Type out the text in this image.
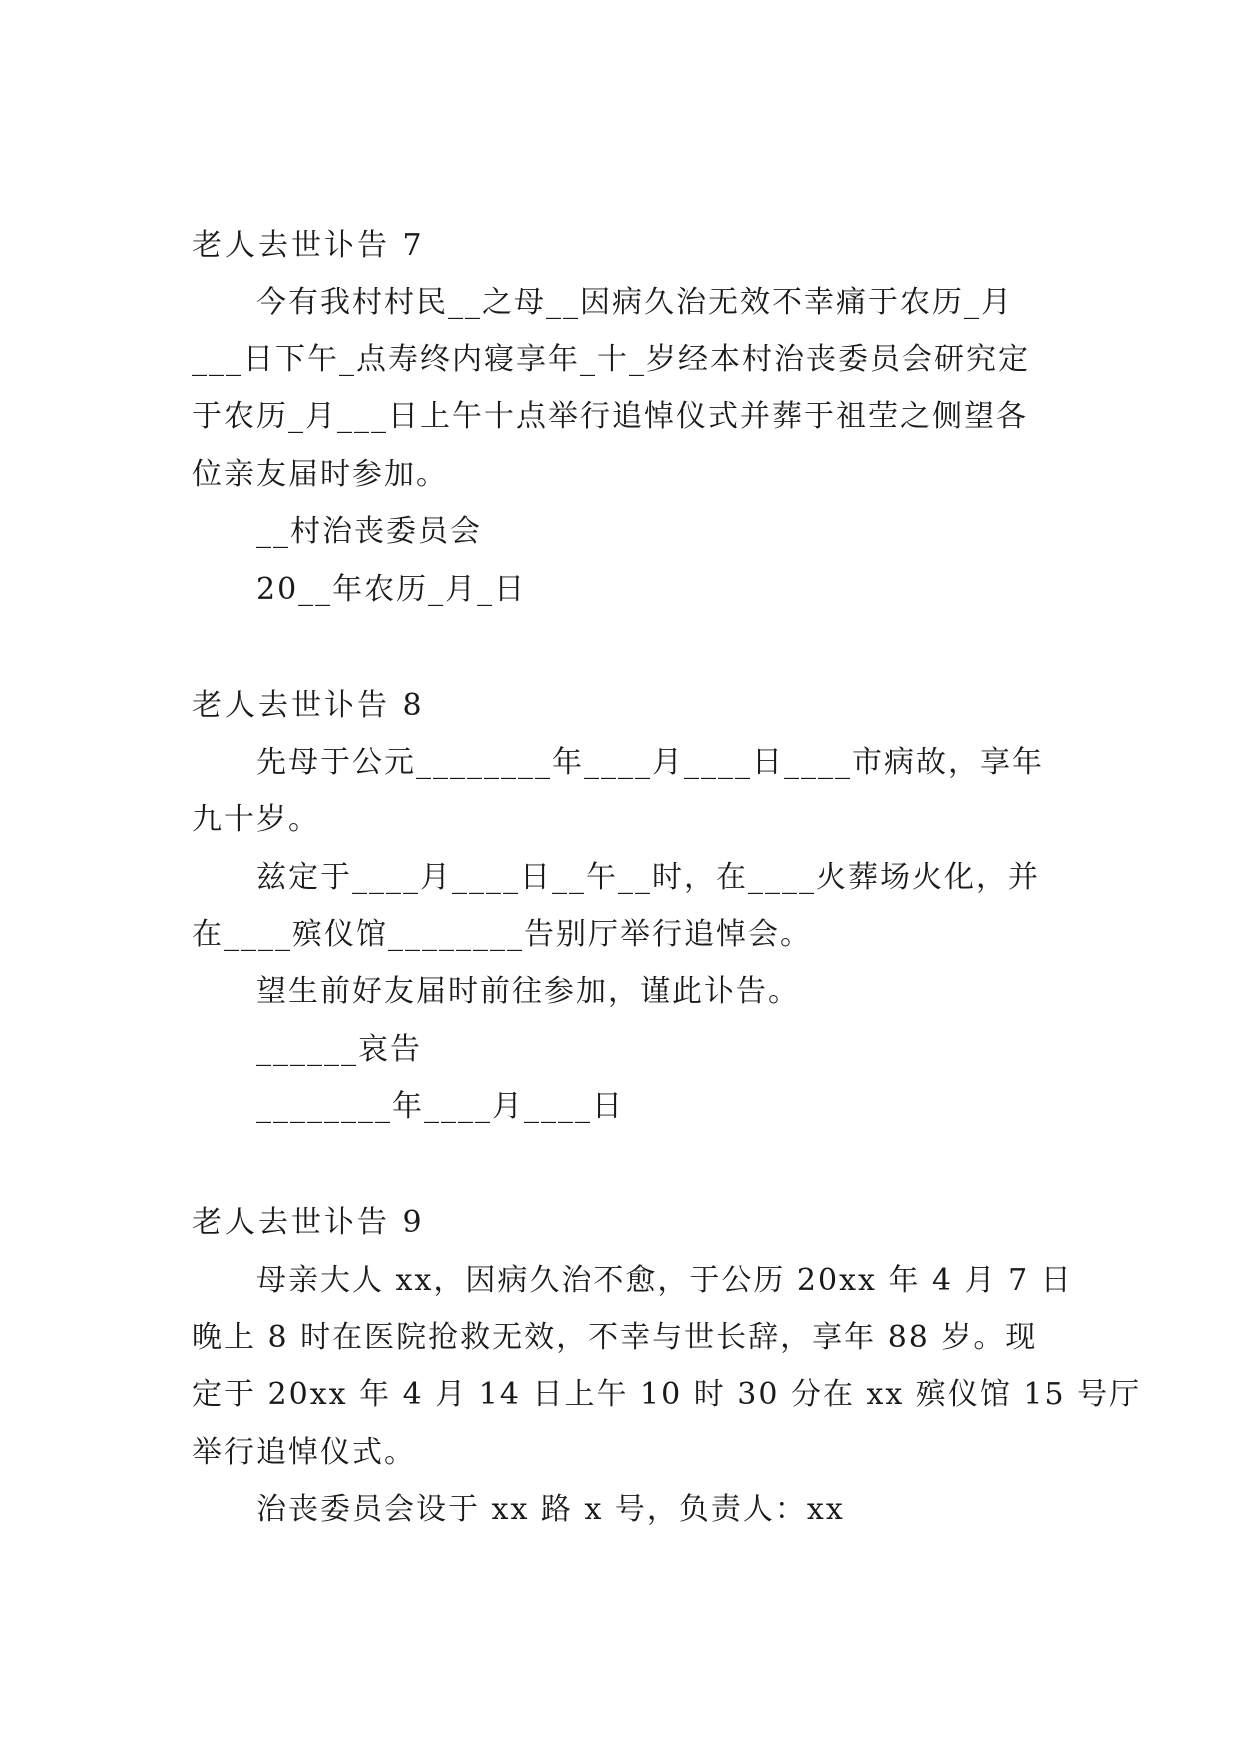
老人去世讣告 7
今有我村村民__之母__因病久治无效不幸痛于农历_月
___日下午_点寿终内寝享年_十_岁经本村治丧委员会研究定
于农历_月___日上午十点举行追悼仪式并葬于祖茔之侧望各
位亲友届时参加。
__村治丧委员会
20__年农历_月_日
老人去世讣告 8
先母于公元________年____月____日____市病故，享年
九十岁。
兹定于____月____日__午__时，在____火葬场火化，并
在____殡仪馆________告别厅举行追悼会。
望生前好友届时前往参加，谨此讣告。
______哀告
________年____月____日
老人去世讣告 9
母亲大人 xx，因病久治不愈，于公历 20xx 年 4 月 7 日
晚上 8 时在医院抢救无效，不幸与世长辞，享年 88 岁。现
定于 20xx 年 4 月 14 日上午 10 时 30 分在 xx 殡仪馆 15 号厅
举行追悼仪式。
治丧委员会设于 xx 路 x 号，负责人：xx
